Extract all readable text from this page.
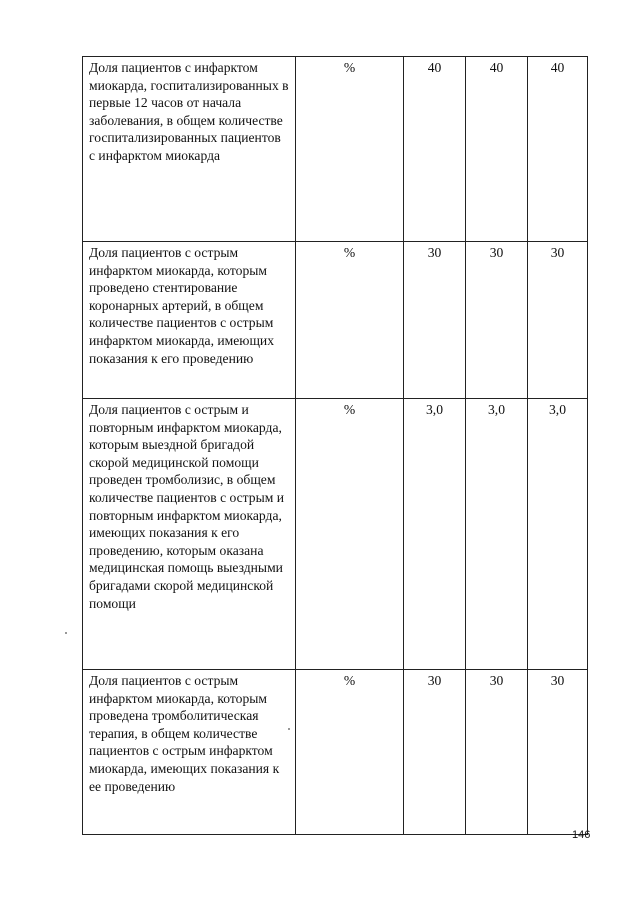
Доля пациентов с инфарктом миокарда, госпитализированных в первые 12 часов от начала заболевания, в общем количестве госпитализированных пациентов с инфарктом миокарда	%	40	40	40
Доля пациентов с острым инфарктом миокарда, которым проведено стентирование коронарных артерий, в общем количестве пациентов с острым инфарктом миокарда, имеющих показания к его проведению	%	30	30	30
Доля пациентов с острым и повторным инфарктом миокарда, которым выездной бригадой скорой медицинской помощи проведен тромболизис, в общем количестве пациентов с острым и повторным инфарктом миокарда, имеющих показания к его проведению, которым оказана медицинская помощь выездными бригадами скорой медицинской помощи	%	3,0	3,0	3,0
Доля пациентов с острым инфарктом миокарда, которым проведена тромболитическая терапия, в общем количестве пациентов с острым инфарктом миокарда, имеющих показания к ее проведению	%	30	30	30
146
